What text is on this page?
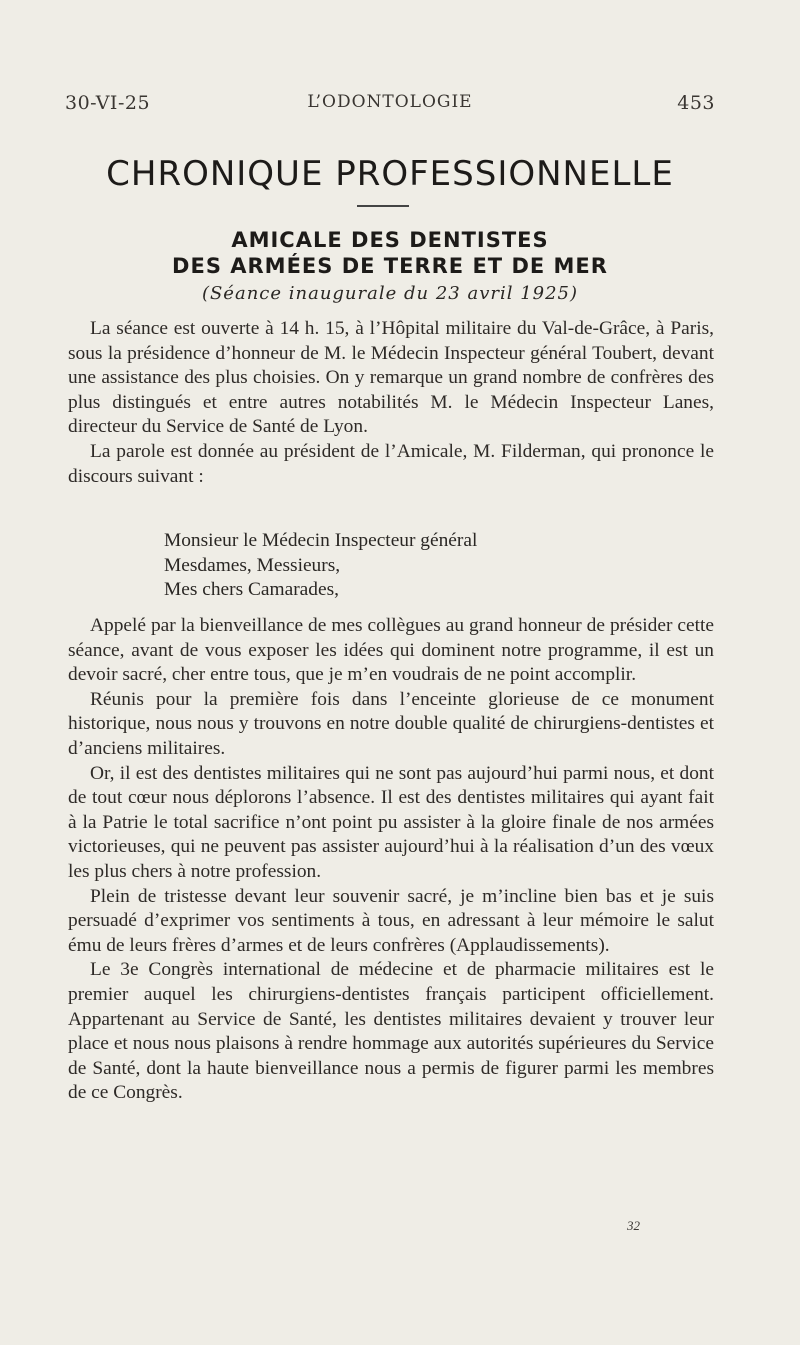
30-VI-25	L’ODONTOLOGIE	453
CHRONIQUE PROFESSIONNELLE
AMICALE DES DENTISTES
DES ARMÉES DE TERRE ET DE MER
(Séance inaugurale du 23 avril 1925)

La séance est ouverte à 14 h. 15, à l’Hôpital militaire du Val-de-Grâce, à Paris, sous la présidence d’honneur de M. le Médecin Inspecteur général Toubert, devant une assistance des plus choisies. On y remarque un grand nombre de confrères des plus distingués et entre autres notabilités M. le Médecin Inspecteur Lanes, directeur du Service de Santé de Lyon.

La parole est donnée au président de l’Amicale, M. Filderman, qui prononce le discours suivant :

Monsieur le Médecin Inspecteur général
Mesdames, Messieurs,
Mes chers Camarades,

Appelé par la bienveillance de mes collègues au grand honneur de présider cette séance, avant de vous exposer les idées qui dominent notre programme, il est un devoir sacré, cher entre tous, que je m’en voudrais de ne point accomplir.

Réunis pour la première fois dans l’enceinte glorieuse de ce monument historique, nous nous y trouvons en notre double qualité de chirurgiens-dentistes et d’anciens militaires.

Or, il est des dentistes militaires qui ne sont pas aujourd’hui parmi nous, et dont de tout cœur nous déplorons l’absence. Il est des dentistes militaires qui ayant fait à la Patrie le total sacrifice n’ont point pu assister à la gloire finale de nos armées victorieuses, qui ne peuvent pas assister aujourd’hui à la réalisation d’un des vœux les plus chers à notre profession.

Plein de tristesse devant leur souvenir sacré, je m’incline bien bas et je suis persuadé d’exprimer vos sentiments à tous, en adressant à leur mémoire le salut ému de leurs frères d’armes et de leurs confrères (Applaudissements).

Le 3e Congrès international de médecine et de pharmacie militaires est le premier auquel les chirurgiens-dentistes français participent officiellement. Appartenant au Service de Santé, les dentistes militaires devaient y trouver leur place et nous nous plaisons à rendre hommage aux autorités supérieures du Service de Santé, dont la haute bienveillance nous a permis de figurer parmi les membres de ce Congrès.

32
